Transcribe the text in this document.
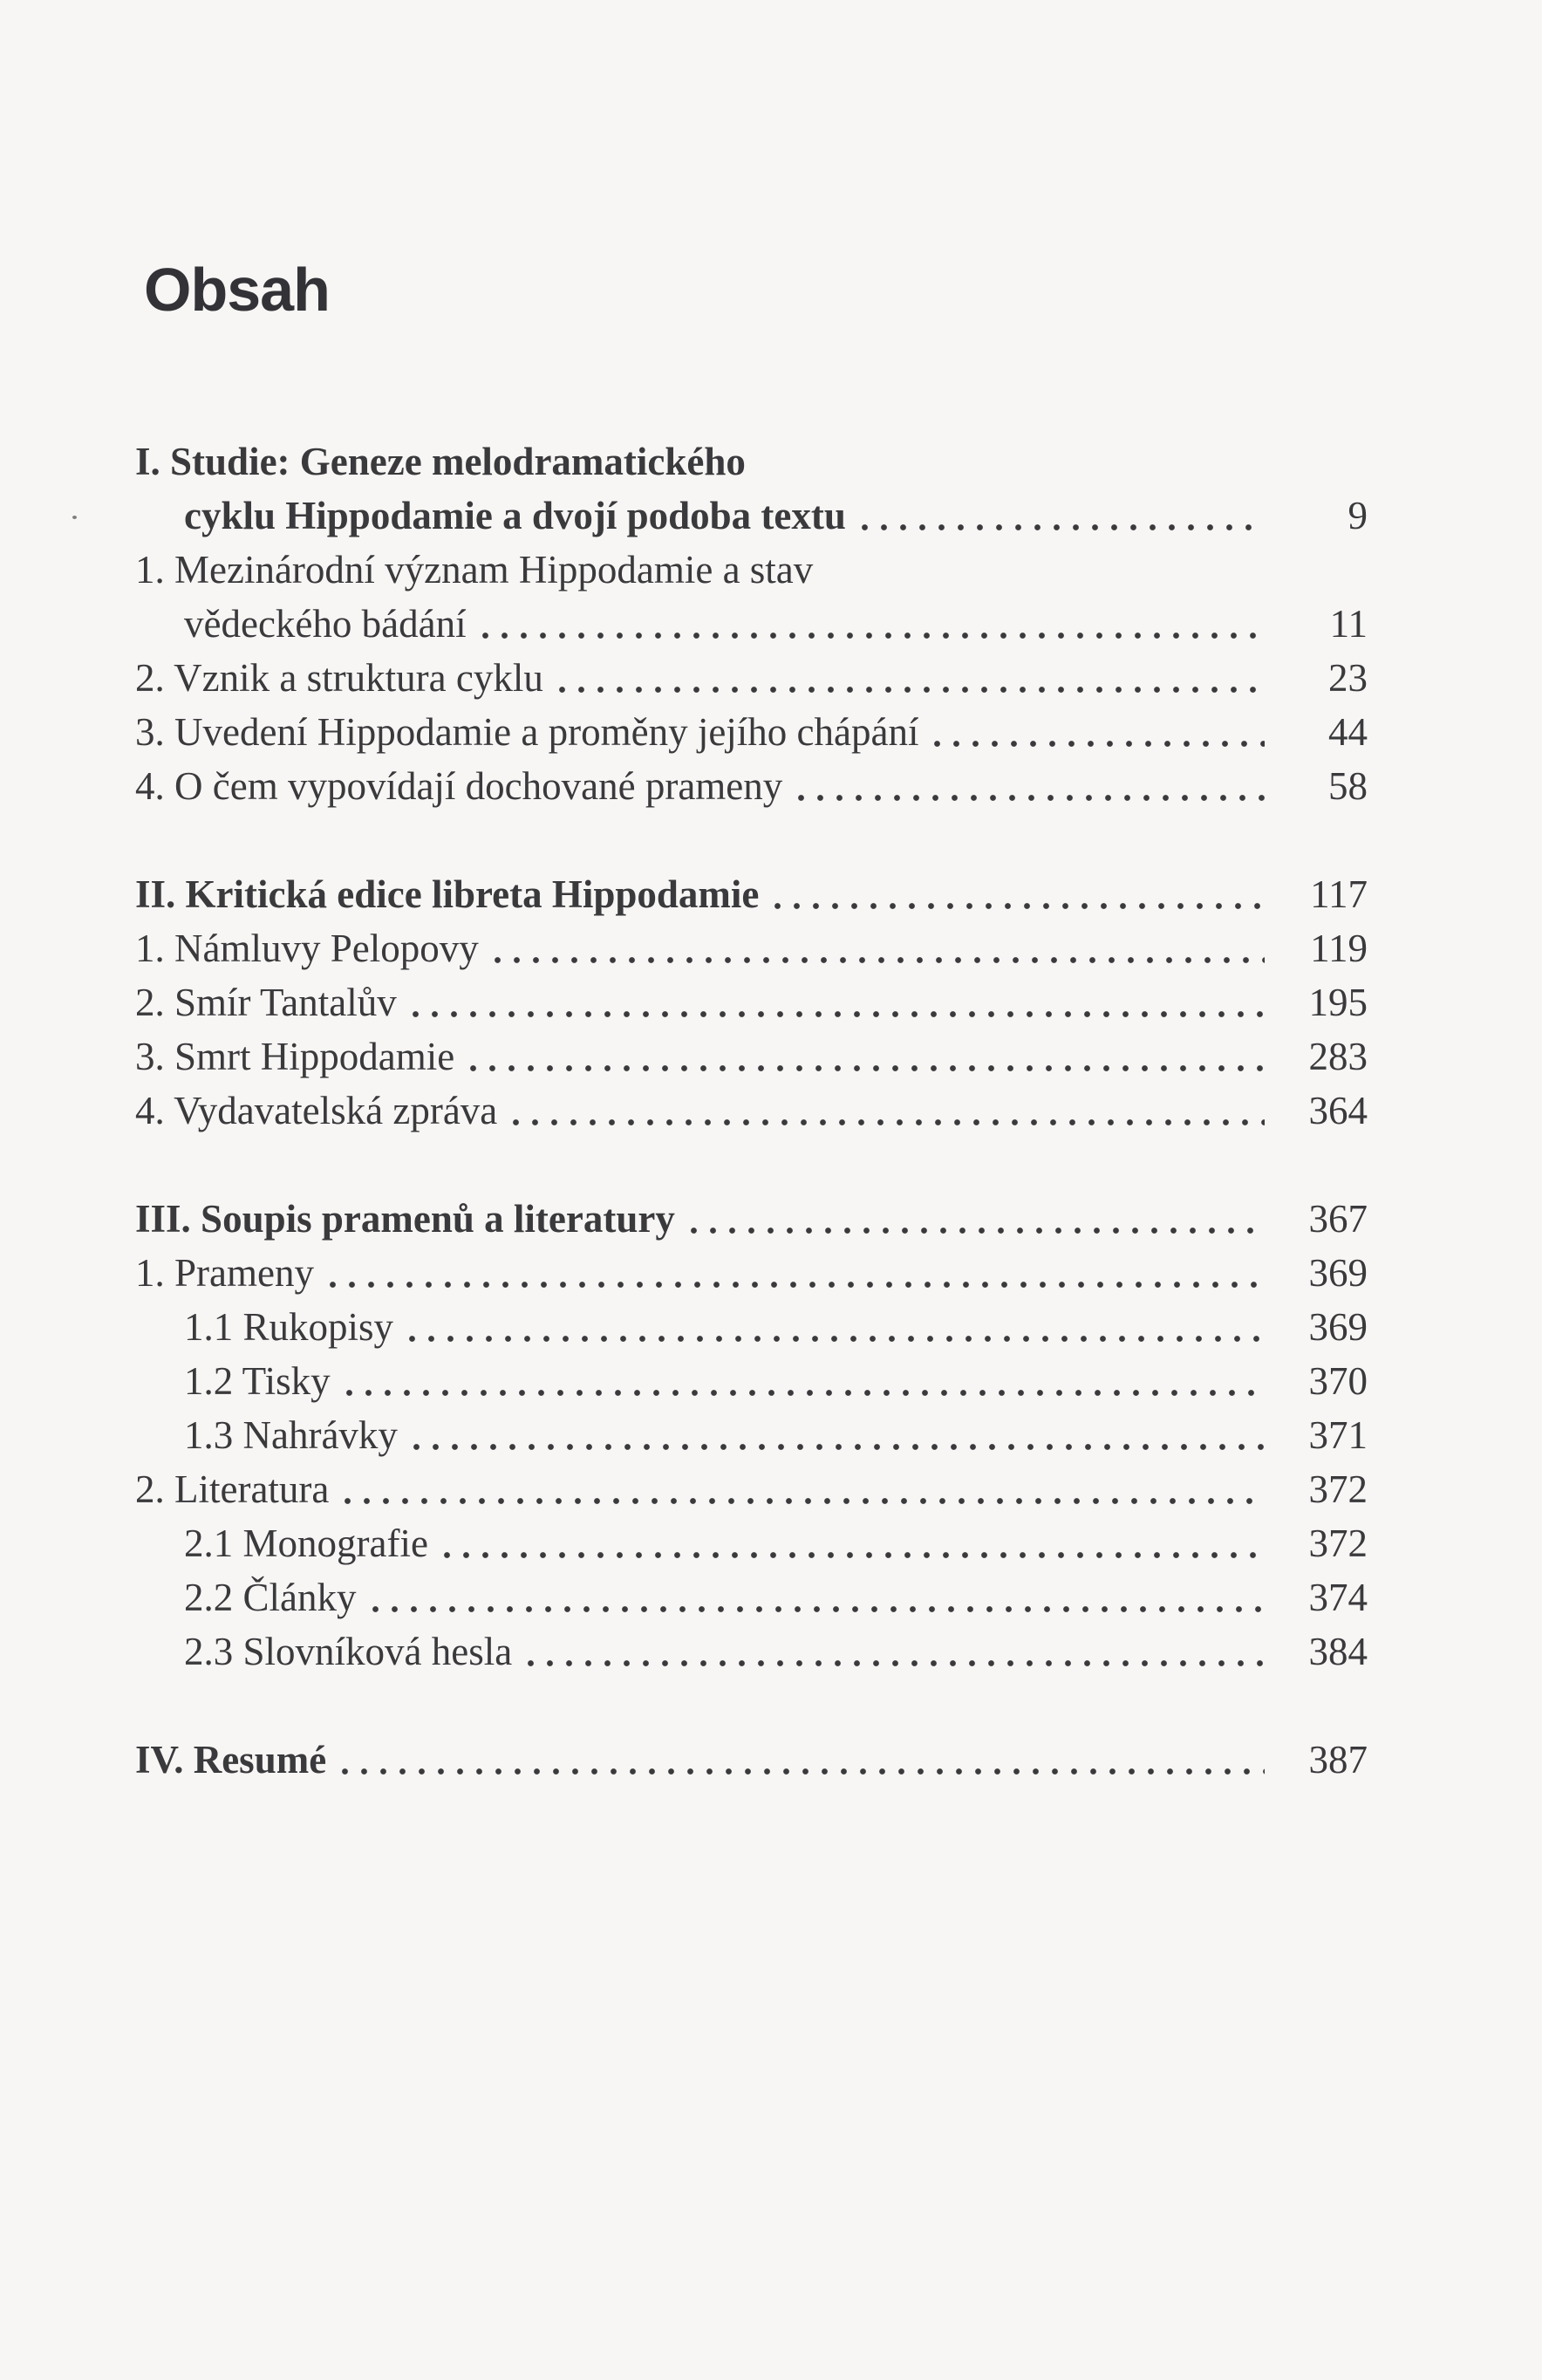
Obsah
I. Studie: Geneze melodramatického
cyklu Hippodamie a dvojí podoba textu	9
1. Mezinárodní význam Hippodamie a stav
vědeckého bádání	11
2. Vznik a struktura cyklu	23
3. Uvedení Hippodamie a proměny jejího chápání	44
4. O čem vypovídají dochované prameny	58
II. Kritická edice libreta Hippodamie	117
1. Námluvy Pelopovy	119
2. Smír Tantalův	195
3. Smrt Hippodamie	283
4. Vydavatelská zpráva	364
III. Soupis pramenů a literatury	367
1. Prameny	369
1.1 Rukopisy	369
1.2 Tisky	370
1.3 Nahrávky	371
2. Literatura	372
2.1 Monografie	372
2.2 Články	374
2.3 Slovníková hesla	384
IV. Resumé	387
